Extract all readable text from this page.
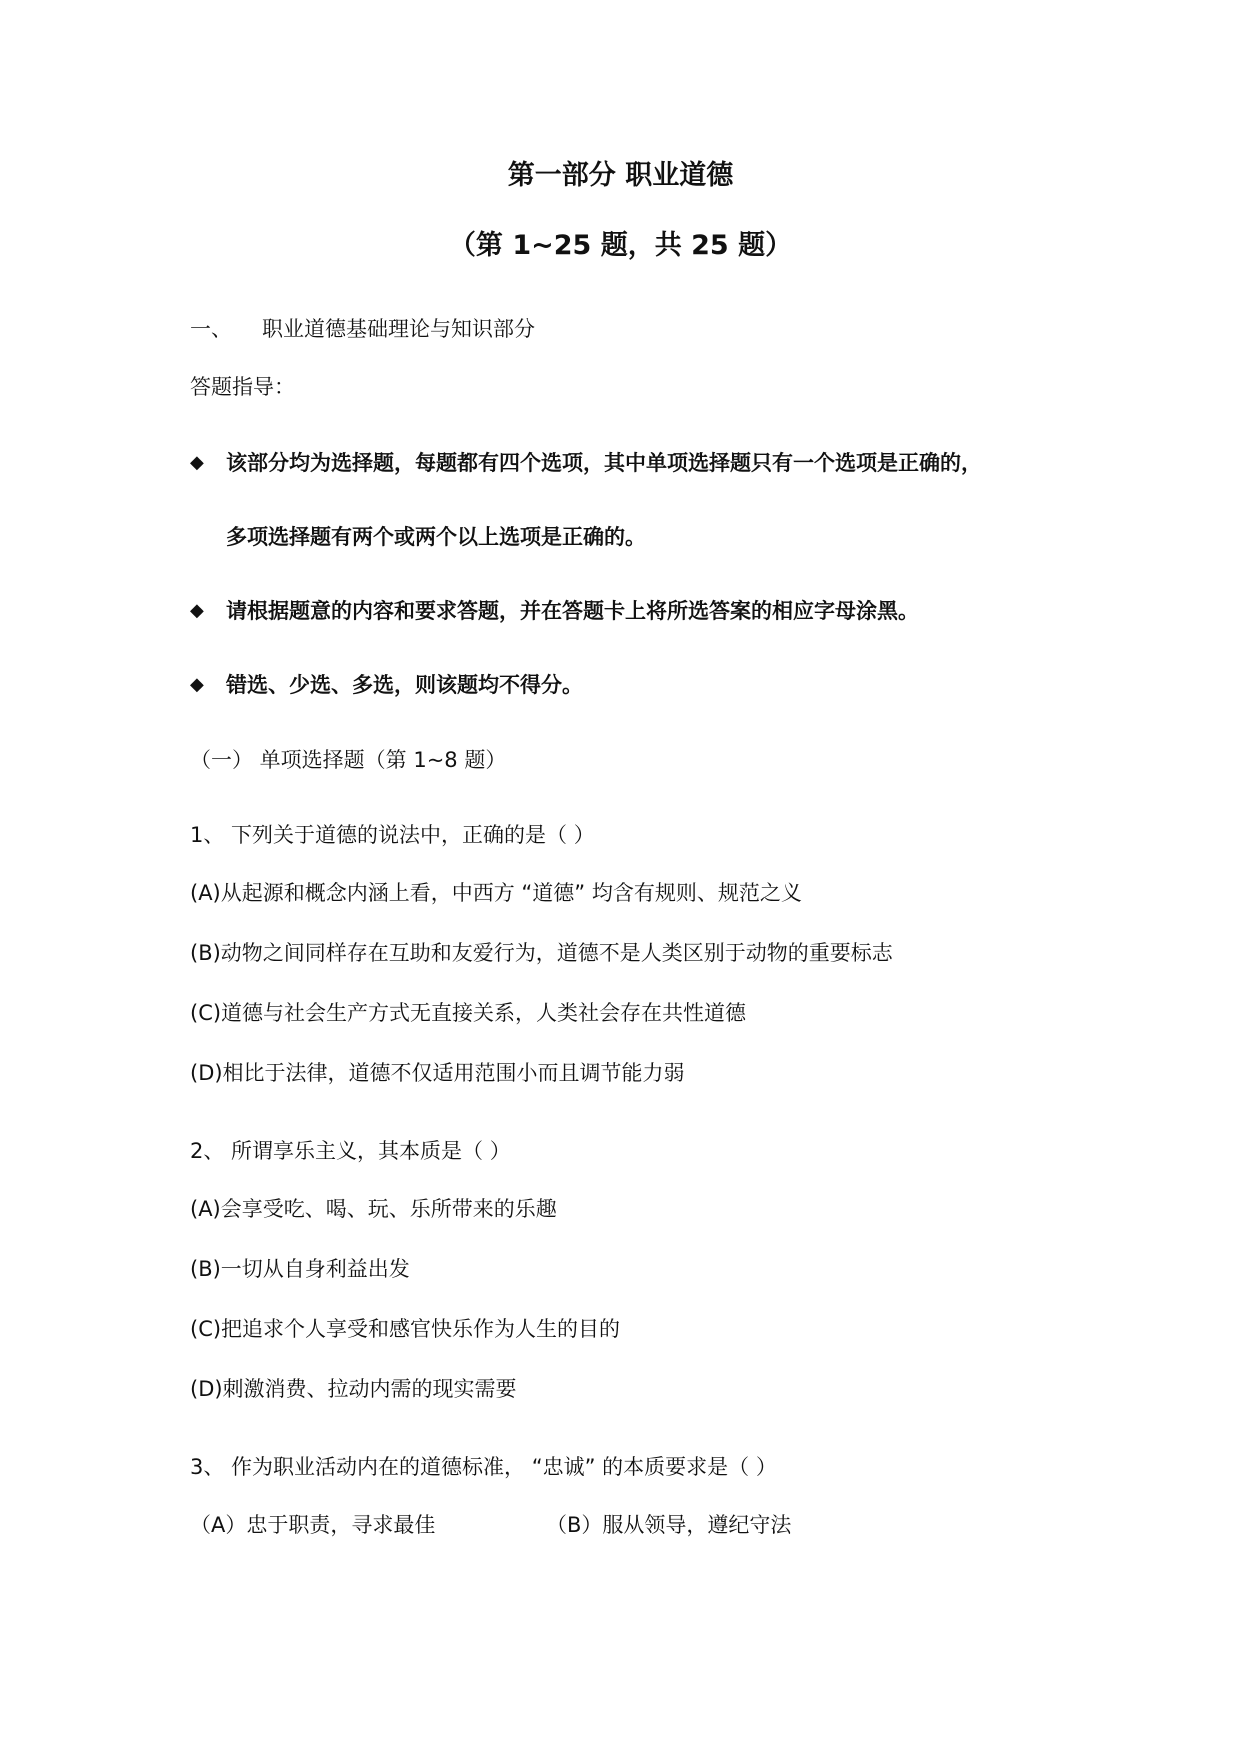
第一部分 职业道德
（第 1~25 题，共 25 题）
一、 职业道德基础理论与知识部分
答题指导：
◆ 该部分均为选择题，每题都有四个选项，其中单项选择题只有一个选项是正确的，
多项选择题有两个或两个以上选项是正确的。
◆ 请根据题意的内容和要求答题，并在答题卡上将所选答案的相应字母涂黑。
◆ 错选、少选、多选，则该题均不得分。
（一） 单项选择题（第 1~8 题）
1、 下列关于道德的说法中，正确的是（ ）
(A)从起源和概念内涵上看，中西方 “道德” 均含有规则、规范之义
(B)动物之间同样存在互助和友爱行为，道德不是人类区别于动物的重要标志
(C)道德与社会生产方式无直接关系，人类社会存在共性道德
(D)相比于法律，道德不仅适用范围小而且调节能力弱
2、 所谓享乐主义，其本质是（ ）
(A)会享受吃、喝、玩、乐所带来的乐趣
(B)一切从自身利益出发
(C)把追求个人享受和感官快乐作为人生的目的
(D)刺激消费、拉动内需的现实需要
3、 作为职业活动内在的道德标准， “忠诚” 的本质要求是（ ）
（A）忠于职责，寻求最佳	（B）服从领导，遵纪守法
